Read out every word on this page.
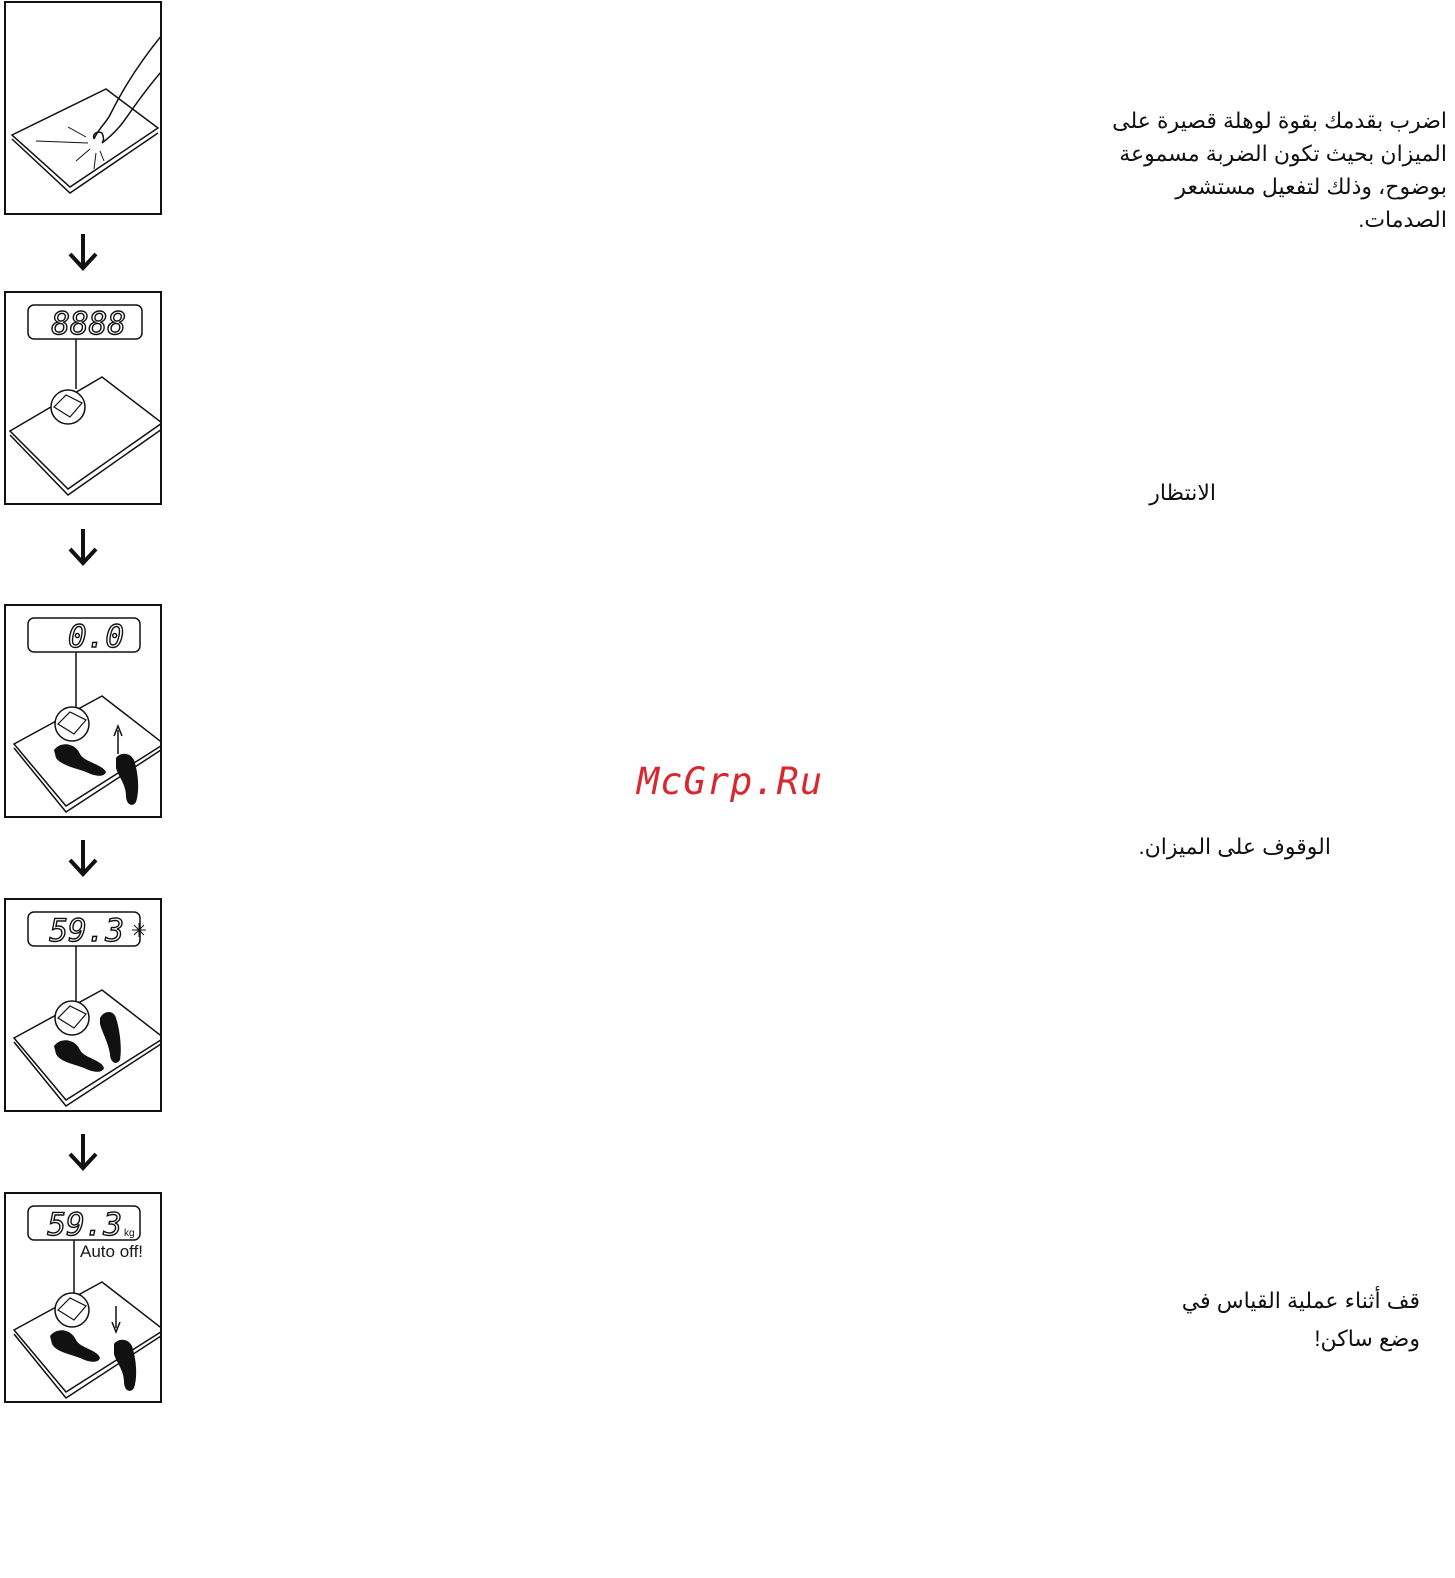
8888
0.0
59.3
59.3 kg
Auto off!
اضرب بقدمك بقوة لوهلة قصيرة على الميزان بحيث تكون الضربة مسموعة بوضوح، وذلك لتفعيل مستشعر الصدمات.
الانتظار
الوقوف على الميزان.
قف أثناء عملية القياس في وضع ساكن!
McGrp.Ru
